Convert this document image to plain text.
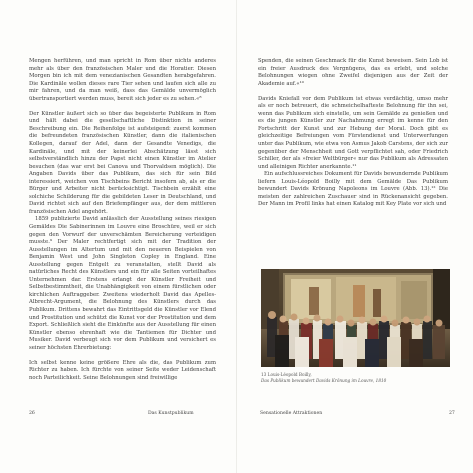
Mengen herführen, und man spricht in Rom über nichts anderes mehr als über den französischen Maler und die Horatier. Diesen Morgen bin ich mit dem venezianischen Gesandten herabgefahren. Die Kardinäle wollen dieses rare Tier sehen und laufen sich alle zu mir fahren, und da man weiß, dass das Gemälde unvermöglich übertransportiert werden muss, bereit sich jeder es zu sehen.«⁸

Der Künstler äußert sich so über das begeisterte Publikum in Rom und hält dabei die gesellschaftliche Distinktion in seiner Beschreibung ein. Die Reihenfolge ist aufsteigend: zuerst kommen die befreundeten französischen Künstler, dann die italienischen Kollegen, darauf der Adel, dann der Gesandte Venedigs, die Kardinäle, und mit der keinerlei Abschätzung lässt sich selbstverständlich hinzu der Papst nicht einen Künstler im Atelier besuchen (das war erst bei Canova und Thorvaldsen möglich). Die Angaben Davids über das Publikum, das sich für sein Bild interessiert, weichen von Tischbeins Bericht insofern ab, als er die Bürger und Arbeiter nicht berücksichtigt. Tischbein erzählt eine solchiche Schilderung für die gebildeten Leser in Deutschland, und David richtet sich auf den Briefempfänger aus, der dem mittleren französischen Adel angehört.

1859 publizierte David anlässlich der Ausstellung seines riesigen Gemäldes Die Sabinerinnen im Louvre eine Broschüre, weil er sich gegen den Vorwurf der unverschämten Bereicherung verteidigen musste.⁹ Der Maler rechtfertigt sich mit der Tradition der Ausstellungen im Altertum und mit den neueren Beispielen von Benjamin West und John Singleton Copley in England. Eine Ausstellung gegen Entgelt zu veranstalten, stellt David als natürliches Recht des Künstlers und ein für alle Seiten vorteilhaftes Unternehmen dar. Erstens erlangt der Künstler Freiheit und Selbstbestimmtheit, die Unabhängigkeit von einem fürstlichen oder kirchlichen Auftraggeber. Zweitens wiederholt David das Apelles-Albrecht-Argument, die Belohnung des Künstlers durch das Publikum. Drittens bewahrt das Eintrittsgeld die Künstler vor Elend und Prostitution und schützt die Kunst vor der Prostitution und dem Export. Schließlich sieht die Einkünfte aus der Ausstellung für einen Künstler ebenso ehrenhaft wie die Tantiemen für Dichter und Musiker. David verbeugt sich vor dem Publikum und versichert es seiner höchsten Ehrerbietung:

Ich selbst kenne keine größere Ehre als die, das Publikum zum Richter zu haben. Ich fürchte von seiner Seite weder Leidenschaft noch Parteilichkeit. Seine Belohnungen sind freiwillige

26	Das Kunstpublikum

Spenden, die seinen Geschmack für die Kunst beweisen. Sein Lob ist ein freier Ausdruck des Vergnügens, das es erlebt, und solche Belohnungen wiegen ohne Zweifel diejenigen aus der Zeit der Akademie auf.«¹⁰

Davids Kniefall vor dem Publikum ist etwas verdächtig, umso mehr als er noch betreuert, die schmeichelhafteste Belohnung für ihn sei, wenn das Publikum sich einstelle, um sein Gemälde zu genießen und es die jungen Künstler zur Nachahmung erregt im kenne für den Fortschritt der Kunst und zur Hebung der Moral. Doch gibt es gleichzeitige Befreiungen vom Fürstendienst und Unterwerfungen unter das Publikum, wie etwa von Asmus Jakob Carstens, der sich zur gegenüber der Menschheit und Gott verpflichtet sah, oder Friedrich Schiller, der als »freier Weltbürger« nur das Publikum als Adressaten und alleinigen Richter anerkannte.¹¹

Ein aufschlussreiches Dokument für Davids bewundernde Publikum liefern Louis-Léopold Boilly mit dem Gemälde Das Publikum bewundert Davids Krönung Napoleons im Louvre (Abb. 13).¹² Die meisten der zahlreichen Zuschauer sind in Rückenansicht gegeben. Der Mann im Profil links hat einen Katalog mit Key Plate vor sich und

13 Louis-Léopold Boilly,
Das Publikum bewundert Davids Krönung im Louvre, 1810
Sensationelle Attraktionen	27
